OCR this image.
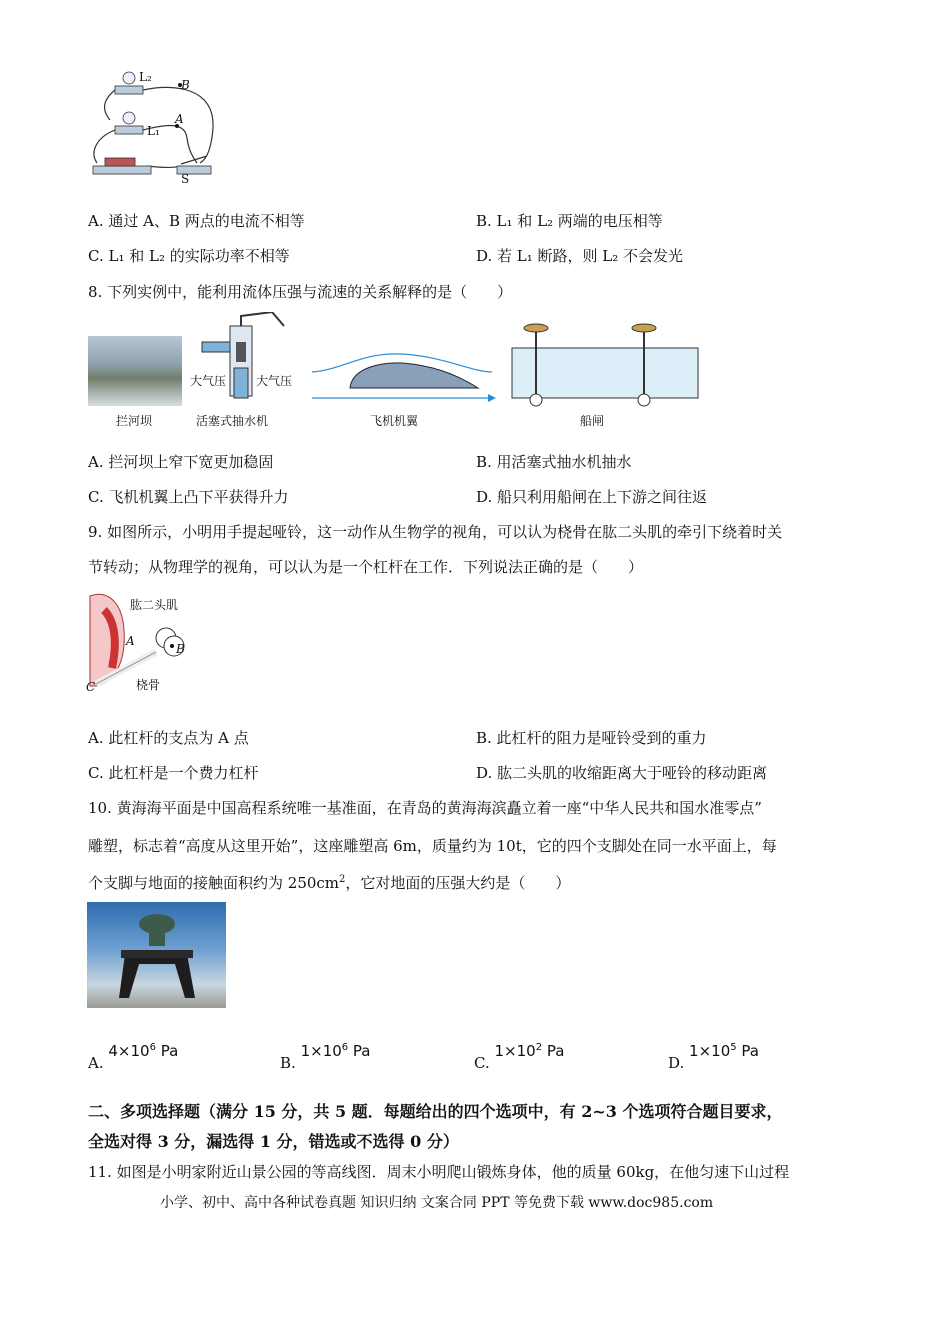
L₂
B
L₁
A
S
A. 通过 A、B 两点的电流不相等	B. L₁ 和 L₂ 两端的电压相等
C. L₁ 和 L₂ 的实际功率不相等	D. 若 L₁ 断路，则 L₂ 不会发光
8. 下列实例中，能利用流体压强与流速的关系解释的是（　　）
拦河坝
大气压 大气压
活塞式抽水机	飞机机翼	船闸
A. 拦河坝上窄下宽更加稳固	B. 用活塞式抽水机抽水
C. 飞机机翼上凸下平获得升力	D. 船只利用船闸在上下游之间往返
9. 如图所示，小明用手提起哑铃，这一动作从生物学的视角，可以认为桡骨在肱二头肌的牵引下绕着时关
节转动；从物理学的视角，可以认为是一个杠杆在工作．下列说法正确的是（　　）
肱二头肌
A
B
C	桡骨
A. 此杠杆的支点为 A 点	B. 此杠杆的阻力是哑铃受到的重力
C. 此杠杆是一个费力杠杆	D. 肱二头肌的收缩距离大于哑铃的移动距离
10. 黄海海平面是中国高程系统唯一基准面，在青岛的黄海海滨矗立着一座“中华人民共和国水准零点”
雕塑，标志着“高度从这里开始”，这座雕塑高 6m，质量约为 10t，它的四个支脚处在同一水平面上，每
个支脚与地面的接触面积约为 $250cm^2$，它对地面的压强大约是（　　）
A. $4\times 10^6$ Pa
B. $1\times 10^6$ Pa
C. $1\times 10^2$ Pa
D. $1\times 10^5$ Pa
二、多项选择题（满分 15 分，共 5 题．每题给出的四个选项中，有 2~3 个选项符合题目要求，
全选对得 3 分，漏选得 1 分，错选或不选得 0 分）
11. 如图是小明家附近山景公园的等高线图．周末小明爬山锻炼身体，他的质量 60kg，在他匀速下山过程
小学、初中、高中各种试卷真题 知识归纳 文案合同 PPT 等免费下载 www.doc985.com
